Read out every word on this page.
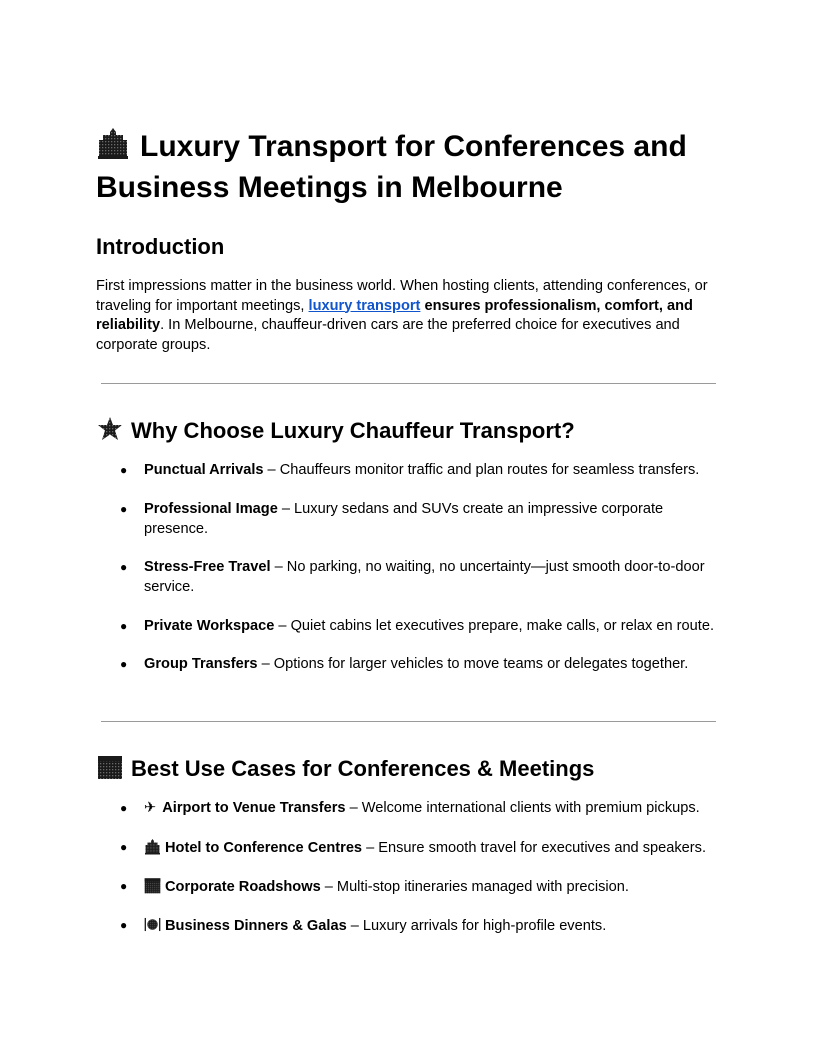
Luxury Transport for Conferences and Business Meetings in Melbourne
Introduction

First impressions matter in the business world. When hosting clients, attending conferences, or traveling for important meetings, luxury transport ensures professionalism, comfort, and reliability. In Melbourne, chauffeur-driven cars are the preferred choice for executives and corporate groups.

Why Choose Luxury Chauffeur Transport?
● Punctual Arrivals – Chauffeurs monitor traffic and plan routes for seamless transfers.
● Professional Image – Luxury sedans and SUVs create an impressive corporate presence.
● Stress-Free Travel – No parking, no waiting, no uncertainty—just smooth door-to-door service.
● Private Workspace – Quiet cabins let executives prepare, make calls, or relax en route.
● Group Transfers – Options for larger vehicles to move teams or delegates together.
Best Use Cases for Conferences & Meetings
● ✈ Airport to Venue Transfers – Welcome international clients with premium pickups.
●	Hotel to Conference Centres – Ensure smooth travel for executives and speakers.
●	Corporate Roadshows – Multi-stop itineraries managed with precision.
●	Business Dinners & Galas – Luxury arrivals for high-profile events.
